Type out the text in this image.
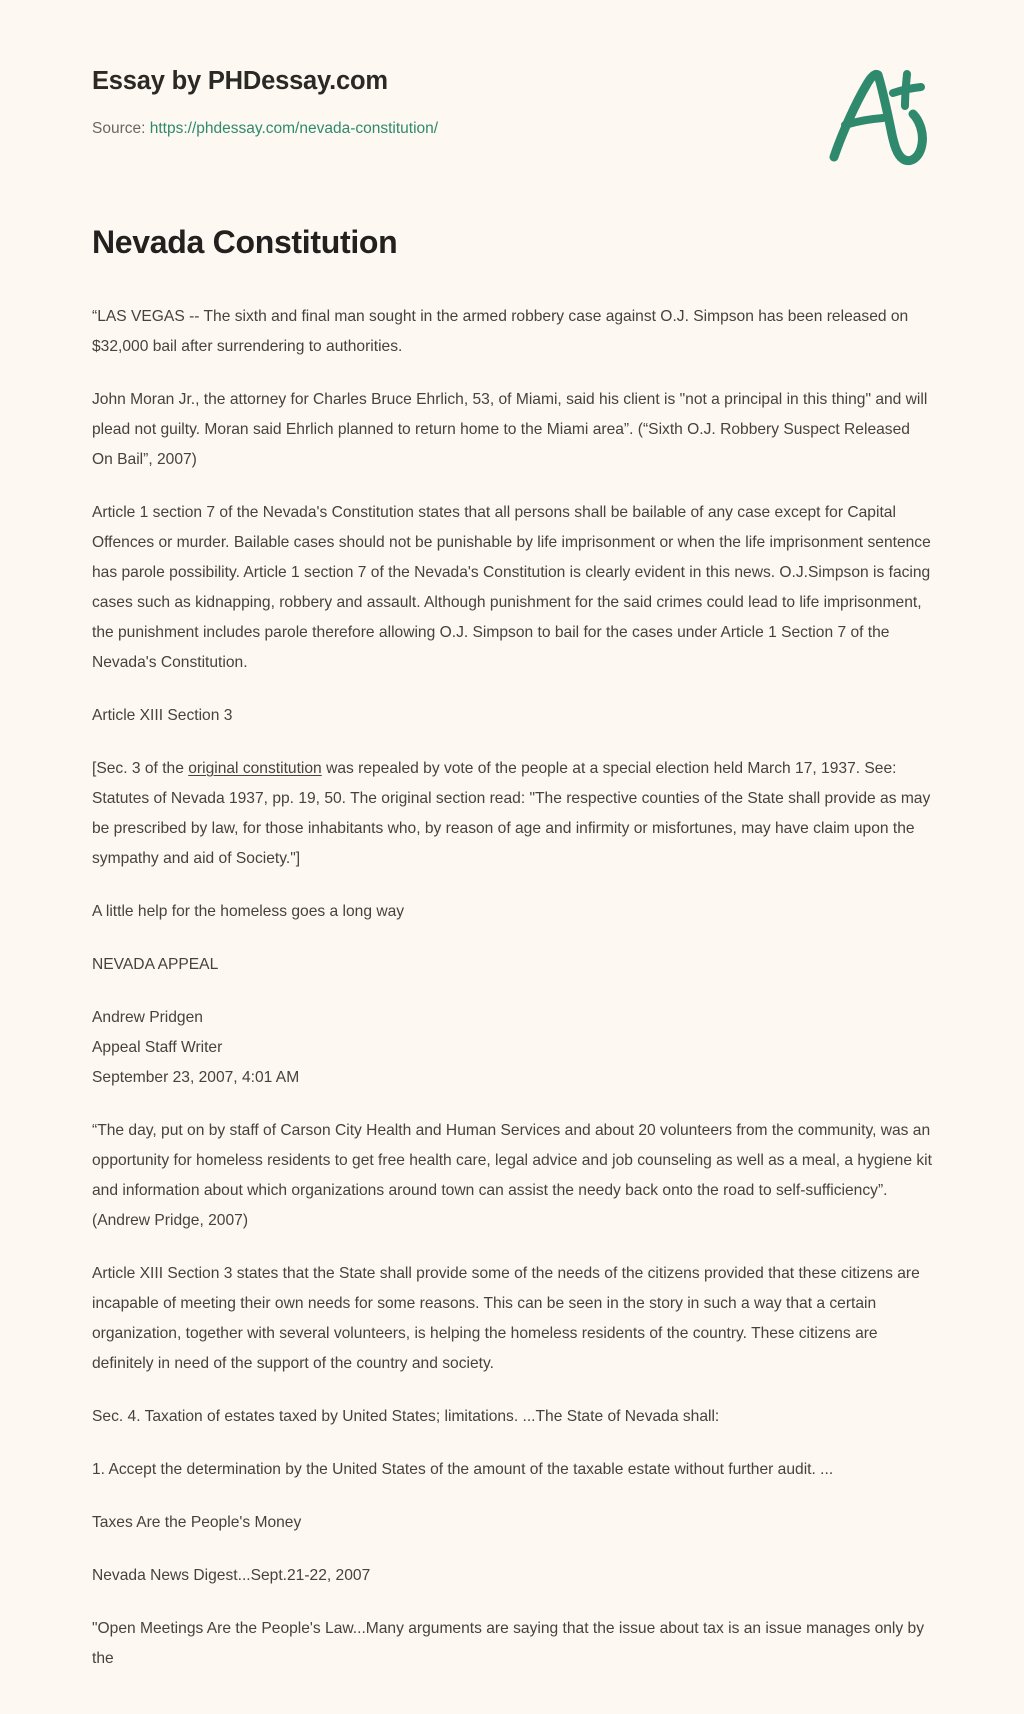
Essay by PHDessay.com
Source: https://phdessay.com/nevada-constitution/
Nevada Constitution

“LAS VEGAS -- The sixth and final man sought in the armed robbery case against O.J. Simpson has been released on $32,000 bail after surrendering to authorities.

John Moran Jr., the attorney for Charles Bruce Ehrlich, 53, of Miami, said his client is "not a principal in this thing" and will plead not guilty. Moran said Ehrlich planned to return home to the Miami area”. (“Sixth O.J. Robbery Suspect Released On Bail”, 2007)

Article 1 section 7 of the Nevada's Constitution states that all persons shall be bailable of any case except for Capital Offences or murder. Bailable cases should not be punishable by life imprisonment or when the life imprisonment sentence has parole possibility. Article 1 section 7 of the Nevada's Constitution is clearly evident in this news. O.J.Simpson is facing cases such as kidnapping, robbery and assault. Although punishment for the said crimes could lead to life imprisonment, the punishment includes parole therefore allowing O.J. Simpson to bail for the cases under Article 1 Section 7 of the Nevada's Constitution.

Article XIII Section 3

[Sec. 3 of the original constitution was repealed by vote of the people at a special election held March 17, 1937. See: Statutes of Nevada 1937, pp. 19, 50. The original section read: "The respective counties of the State shall provide as may be prescribed by law, for those inhabitants who, by reason of age and infirmity or misfortunes, may have claim upon the sympathy and aid of Society."]

A little help for the homeless goes a long way

NEVADA APPEAL

Andrew Pridgen
Appeal Staff Writer
September 23, 2007, 4:01 AM

“The day, put on by staff of Carson City Health and Human Services and about 20 volunteers from the community, was an opportunity for homeless residents to get free health care, legal advice and job counseling as well as a meal, a hygiene kit and information about which organizations around town can assist the needy back onto the road to self-sufficiency”. (Andrew Pridge, 2007)

Article XIII Section 3 states that the State shall provide some of the needs of the citizens provided that these citizens are incapable of meeting their own needs for some reasons. This can be seen in the story in such a way that a certain organization, together with several volunteers, is helping the homeless residents of the country. These citizens are definitely in need of the support of the country and society.

Sec. 4. Taxation of estates taxed by United States; limitations. ...The State of Nevada shall:

1. Accept the determination by the United States of the amount of the taxable estate without further audit. ...

Taxes Are the People's Money

Nevada News Digest...Sept.21-22, 2007

"Open Meetings Are the People's Law...Many arguments are saying that the issue about tax is an issue manages only by the
